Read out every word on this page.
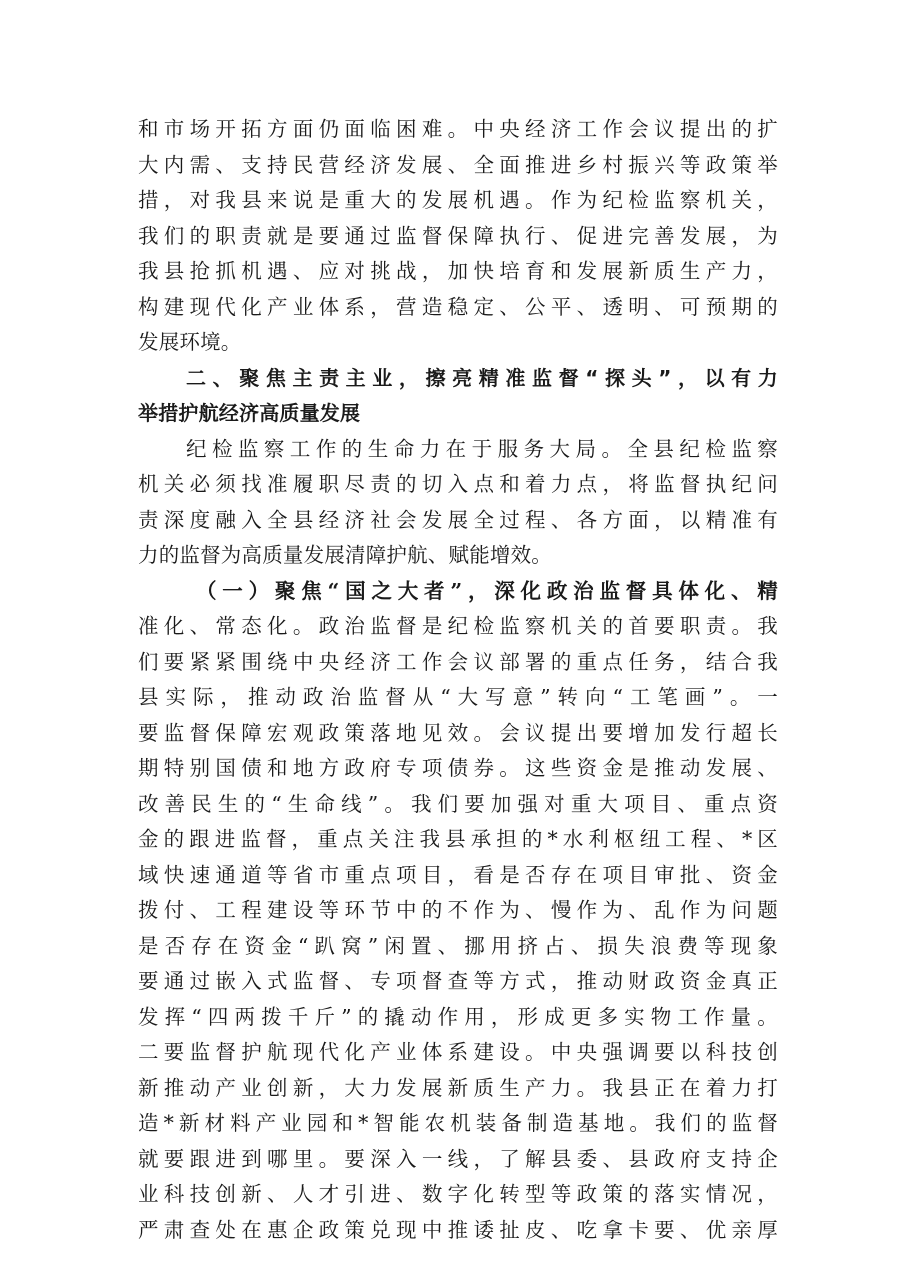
和市场开拓方面仍面临困难。中央经济工作会议提出的扩
大内需、支持民营经济发展、全面推进乡村振兴等政策举
措，对我县来说是重大的发展机遇。作为纪检监察机关，
我们的职责就是要通过监督保障执行、促进完善发展，为
我县抢抓机遇、应对挑战，加快培育和发展新质生产力，
构建现代化产业体系，营造稳定、公平、透明、可预期的
发展环境。
二、聚焦主责主业，擦亮精准监督“探头”，以有力
举措护航经济高质量发展
纪检监察工作的生命力在于服务大局。全县纪检监察
机关必须找准履职尽责的切入点和着力点，将监督执纪问
责深度融入全县经济社会发展全过程、各方面，以精准有
力的监督为高质量发展清障护航、赋能增效。
（一）聚焦“国之大者”，深化政治监督具体化、精
准化、常态化。政治监督是纪检监察机关的首要职责。我
们要紧紧围绕中央经济工作会议部署的重点任务，结合我
县实际，推动政治监督从“大写意”转向“工笔画”。一
要监督保障宏观政策落地见效。会议提出要增加发行超长
期特别国债和地方政府专项债券。这些资金是推动发展、
改善民生的“生命线”。我们要加强对重大项目、重点资
金的跟进监督，重点关注我县承担的*水利枢纽工程、*区
域快速通道等省市重点项目，看是否存在项目审批、资金
拨付、工程建设等环节中的不作为、慢作为、乱作为问题
是否存在资金“趴窝”闲置、挪用挤占、损失浪费等现象
要通过嵌入式监督、专项督查等方式，推动财政资金真正
发挥“四两拨千斤”的撬动作用，形成更多实物工作量。
二要监督护航现代化产业体系建设。中央强调要以科技创
新推动产业创新，大力发展新质生产力。我县正在着力打
造*新材料产业园和*智能农机装备制造基地。我们的监督
就要跟进到哪里。要深入一线，了解县委、县政府支持企
业科技创新、人才引进、数字化转型等政策的落实情况，
严肃查处在惠企政策兑现中推诿扯皮、吃拿卡要、优亲厚
